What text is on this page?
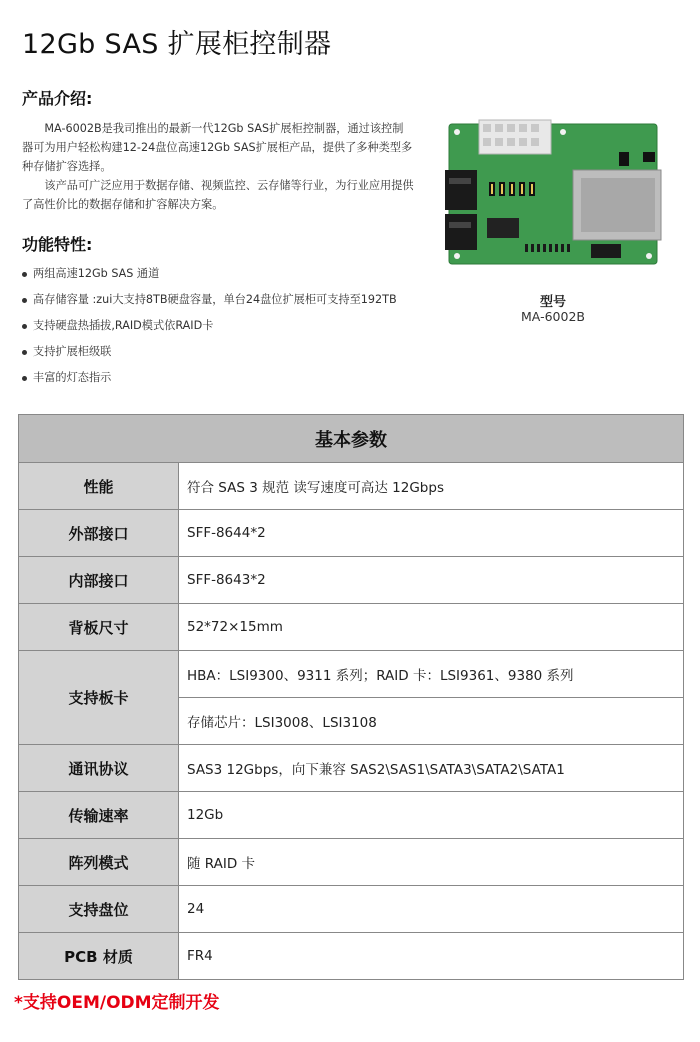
12Gb SAS 扩展柜控制器
产品介绍:

MA-6002B是我司推出的最新一代12Gb SAS扩展柜控制器，通过该控制器可为用户轻松构建12-24盘位高速12Gb SAS扩展柜产品，提供了多种类型多种存储扩容选择。

该产品可广泛应用于数据存储、视频监控、云存储等行业，为行业应用提供了高性价比的数据存储和扩容解决方案。

功能特性:
两组高速12Gb SAS 通道
高存储容量 :zui大支持8TB硬盘容量，单台24盘位扩展柜可支持至192TB
支持硬盘热插拔,RAID模式依RAID卡
支持扩展柜级联
丰富的灯态指示
型号
MA-6002B
基本参数	
性能	符合 SAS 3 规范 读写速度可高达 12Gbps
外部接口	SFF-8644*2
内部接口	SFF-8643*2
背板尺寸	52*72×15mm
支持板卡	HBA：LSI9300、9311 系列；RAID 卡：LSI9361、9380 系列
	存储芯片：LSI3008、LSI3108
通讯协议	SAS3 12Gbps，向下兼容 SAS2\SAS1\SATA3\SATA2\SATA1
传输速率	12Gb
阵列模式	随 RAID 卡
支持盘位	24
PCB 材质	FR4
*支持OEM/ODM定制开发
